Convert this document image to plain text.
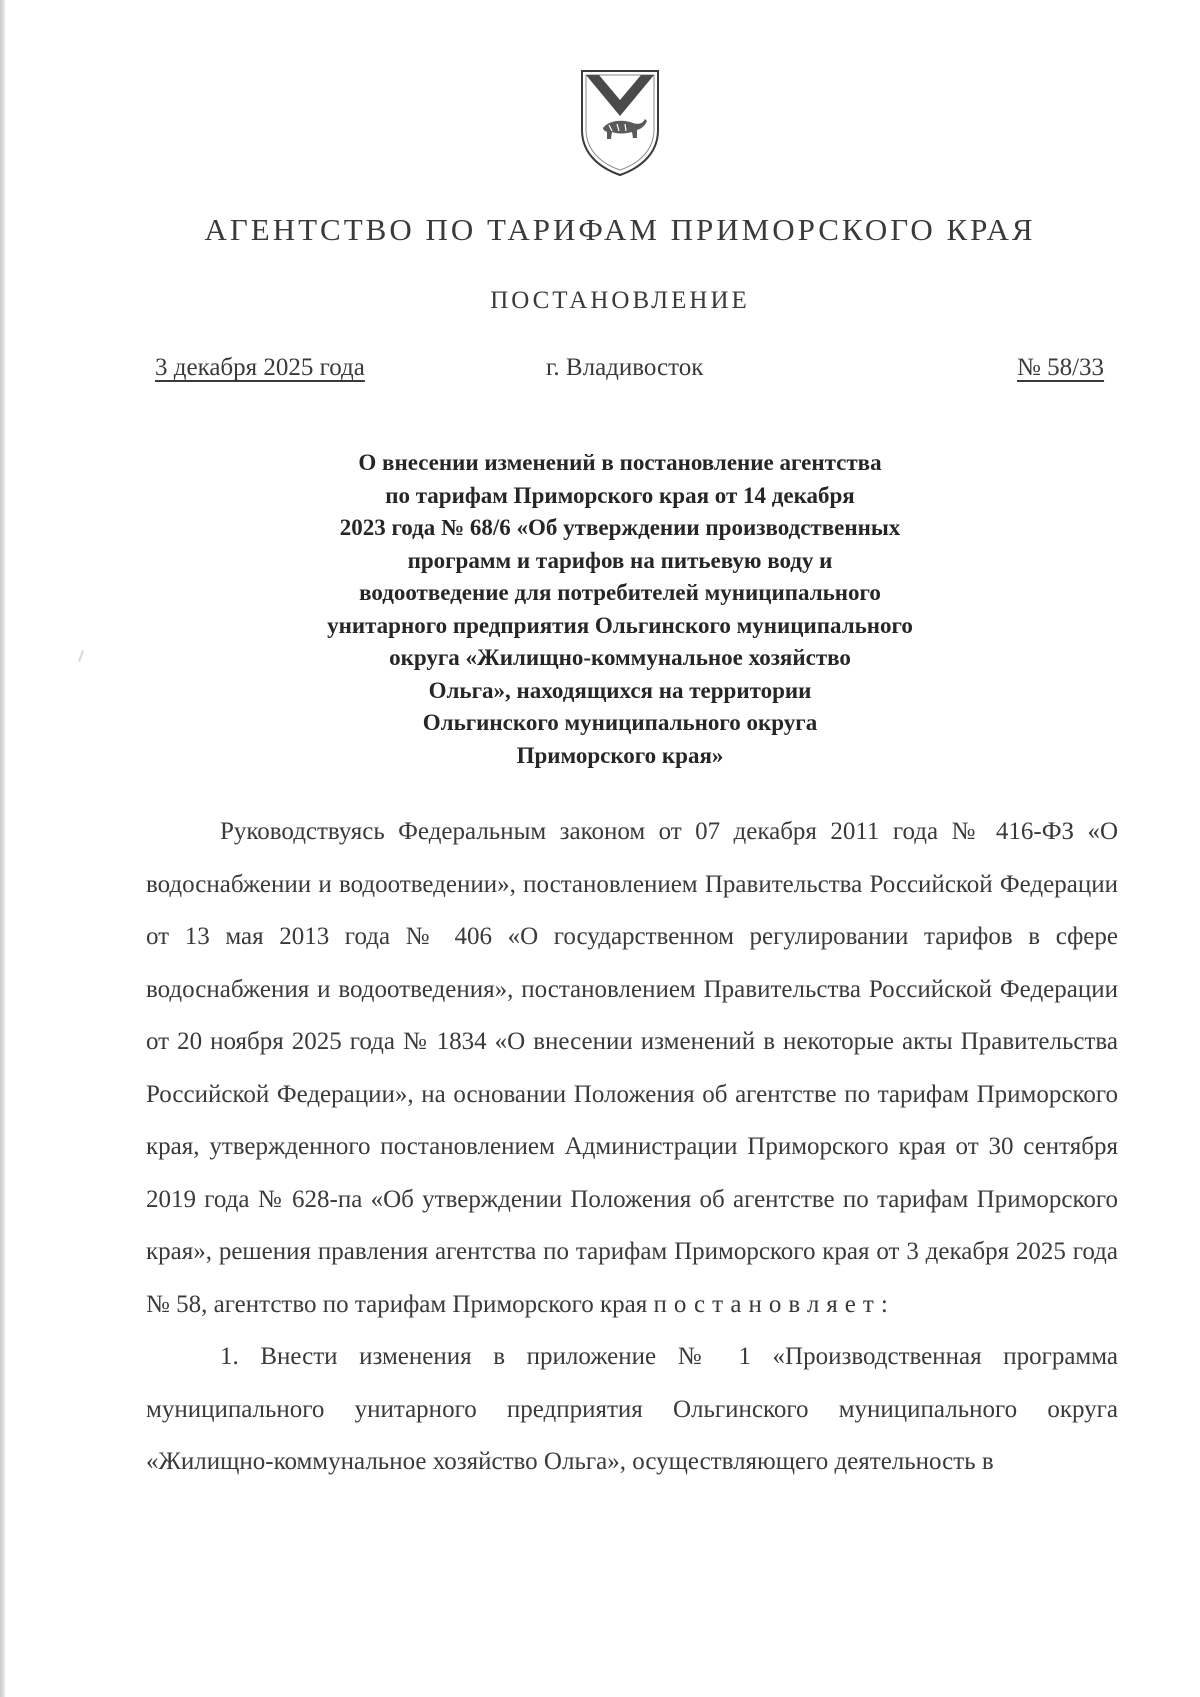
АГЕНТСТВО ПО ТАРИФАМ ПРИМОРСКОГО КРАЯ
ПОСТАНОВЛЕНИЕ
3 декабря 2025 года	г. Владивосток	№ 58/33
О внесении изменений в постановление агентства
по тарифам Приморского края от 14 декабря
2023 года № 68/6 «Об утверждении производственных
программ и тарифов на питьевую воду и
водоотведение для потребителей муниципального
унитарного предприятия Ольгинского муниципального
округа «Жилищно-коммунальное хозяйство
Ольга», находящихся на территории
Ольгинского муниципального округа
Приморского края»

Руководствуясь Федеральным законом от 07 декабря 2011 года № 416-ФЗ «О водоснабжении и водоотведении», постановлением Правительства Российской Федерации от 13 мая 2013 года № 406 «О государственном регулировании тарифов в сфере водоснабжения и водоотведения», постановлением Правительства Российской Федерации от 20 ноября 2025 года № 1834 «О внесении изменений в некоторые акты Правительства Российской Федерации», на основании Положения об агентстве по тарифам Приморского края, утвержденного постановлением Администрации Приморского края от 30 сентября 2019 года № 628-па «Об утверждении Положения об агентстве по тарифам Приморского края», решения правления агентства по тарифам Приморского края от 3 декабря 2025 года № 58, агентство по тарифам Приморского края постановляет:

1. Внести изменения в приложение № 1 «Производственная программа муниципального унитарного предприятия Ольгинского муниципального округа «Жилищно-коммунальное хозяйство Ольга», осуществляющего деятельность в
